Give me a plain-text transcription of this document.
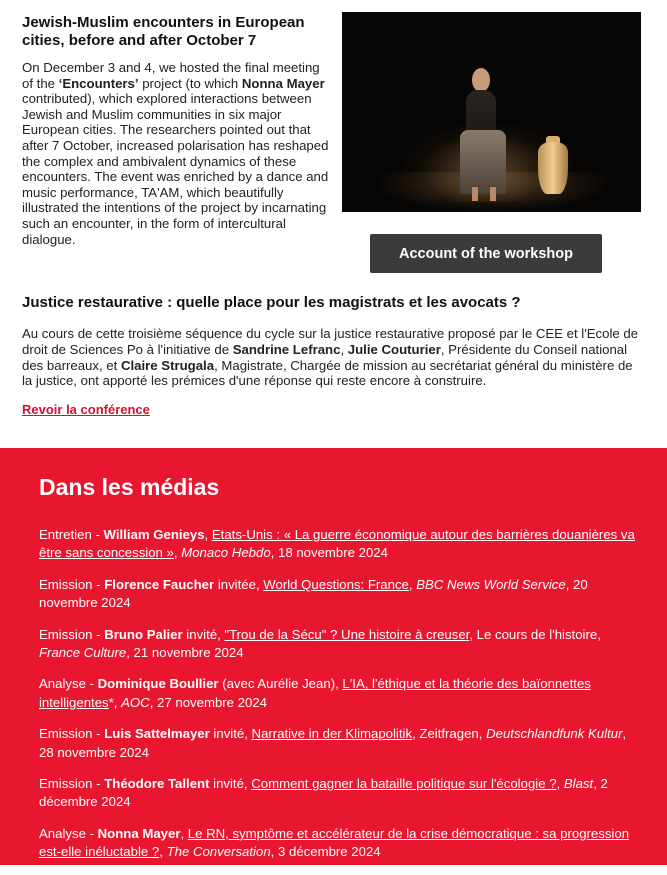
Jewish-Muslim encounters in European cities, before and after October 7

On December 3 and 4, we hosted the final meeting of the ‘Encounters’ project (to which Nonna Mayer contributed), which explored interactions between Jewish and Muslim communities in six major European cities. The researchers pointed out that after 7 October, increased polarisation has reshaped the complex and ambivalent dynamics of these encounters. The event was enriched by a dance and music performance, TA'AM, which beautifully illustrated the intentions of the project by incarnating such an encounter, in the form of intercultural dialogue.

Account of the workshop
Justice restaurative : quelle place pour les magistrats et les avocats ?

Au cours de cette troisième séquence du cycle sur la justice restaurative proposé par le CEE et l'Ecole de droit de Sciences Po à l'initiative de Sandrine Lefranc, Julie Couturier, Présidente du Conseil national des barreaux, et Claire Strugala, Magistrate, Chargée de mission au secrétariat général du ministère de la justice, ont apporté les prémices d'une réponse qui reste encore à construire.

Revoir la conférence
Dans les médias
Entretien - William Genieys, Etats-Unis : « La guerre économique autour des barrières douanières va être sans concession », Monaco Hebdo, 18 novembre 2024
Emission - Florence Faucher invitée, World Questions: France, BBC News World Service, 20 novembre 2024
Emission - Bruno Palier invité, "Trou de la Sécu" ? Une histoire à creuser, Le cours de l'histoire, France Culture, 21 novembre 2024
Analyse - Dominique Boullier (avec Aurélie Jean), L'IA, l'éthique et la théorie des baïonnettes intelligentes*, AOC, 27 novembre 2024
Emission - Luis Sattelmayer invité, Narrative in der Klimapolitik, Zeitfragen, Deutschlandfunk Kultur, 28 novembre 2024
Emission - Théodore Tallent invité, Comment gagner la bataille politique sur l'écologie ?, Blast, 2 décembre 2024
Analyse - Nonna Mayer, Le RN, symptôme et accélérateur de la crise démocratique : sa progression est-elle inéluctable ?, The Conversation, 3 décembre 2024
